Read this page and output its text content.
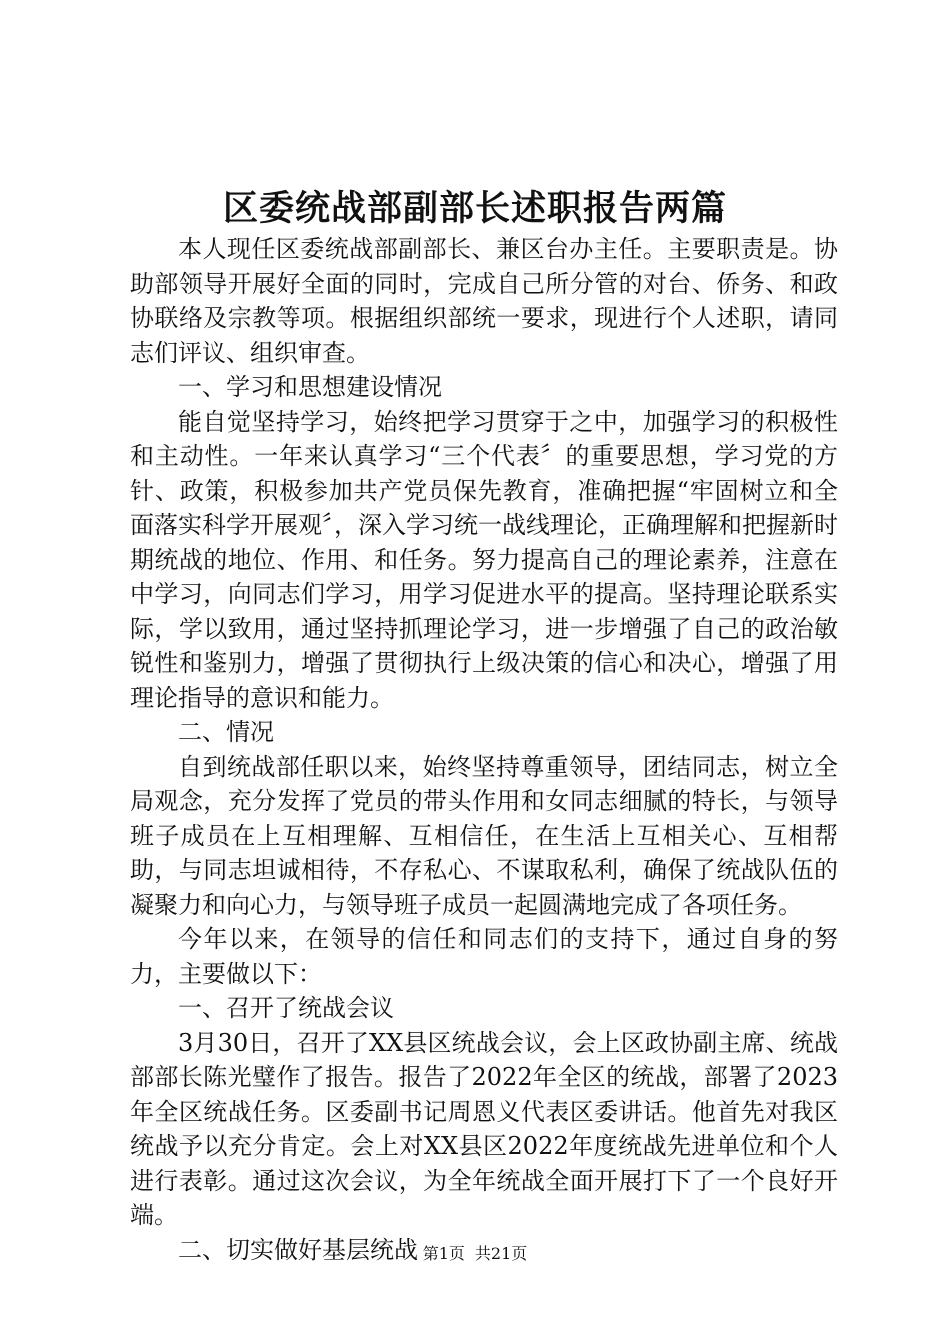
区委统战部副部长述职报告两篇

本人现任区委统战部副部长、兼区台办主任。主要职责是。协助部领导开展好全面的同时，完成自己所分管的对台、侨务、和政协联络及宗教等项。根据组织部统一要求，现进行个人述职，请同志们评议、组织审查。

一、学习和思想建设情况

能自觉坚持学习，始终把学习贯穿于之中，加强学习的积极性和主动性。一年来认真学习“三个代表〞的重要思想，学习党的方针、政策，积极参加共产党员保先教育，准确把握“牢固树立和全面落实科学开展观〞，深入学习统一战线理论，正确理解和把握新时期统战的地位、作用、和任务。努力提高自己的理论素养，注意在中学习，向同志们学习，用学习促进水平的提高。坚持理论联系实际，学以致用，通过坚持抓理论学习，进一步增强了自己的政治敏锐性和鉴别力，增强了贯彻执行上级决策的信心和决心，增强了用理论指导的意识和能力。

二、情况

自到统战部任职以来，始终坚持尊重领导，团结同志，树立全局观念，充分发挥了党员的带头作用和女同志细腻的特长，与领导班子成员在上互相理解、互相信任，在生活上互相关心、互相帮助，与同志坦诚相待，不存私心、不谋取私利，确保了统战队伍的凝聚力和向心力，与领导班子成员一起圆满地完成了各项任务。

今年以来，在领导的信任和同志们的支持下，通过自身的努力，主要做以下：

一、召开了统战会议

3月30日，召开了XX县区统战会议，会上区政协副主席、统战部部长陈光璧作了报告。报告了2022年全区的统战，部署了2023年全区统战任务。区委副书记周恩义代表区委讲话。他首先对我区统战予以充分肯定。会上对XX县区2022年度统战先进单位和个人进行表彰。通过这次会议，为全年统战全面开展打下了一个良好开端。

二、切实做好基层统战 第1页 共21页
